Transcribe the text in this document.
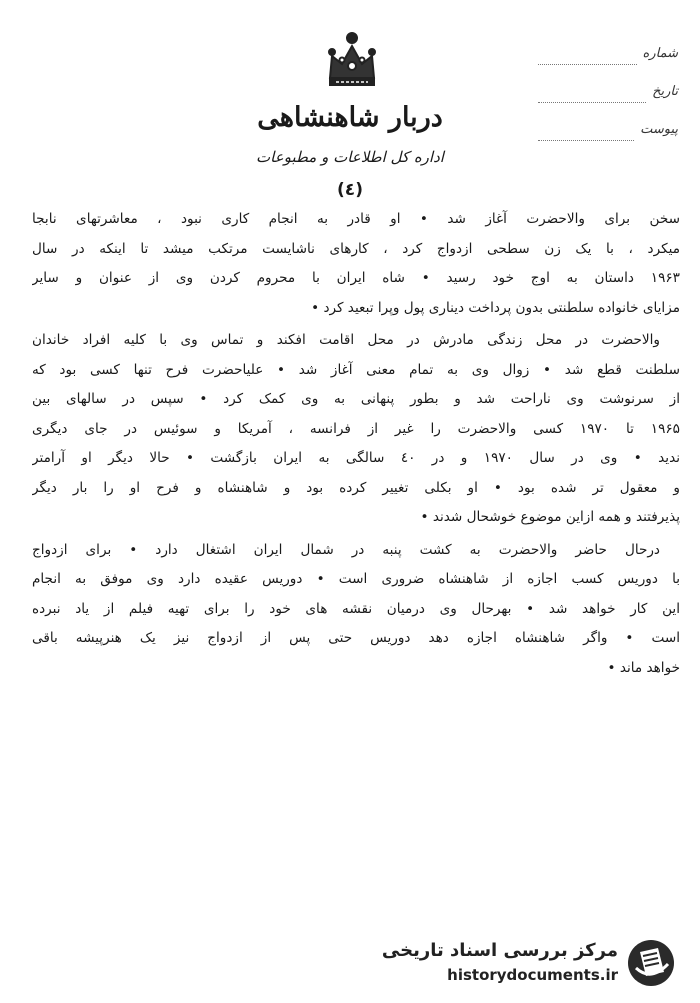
دربار شاهنشاهی
اداره کل اطلاعات و مطبوعات
شماره
تاریخ
پیوست
(٤)
سخن برای والاحضرت آغاز شد • او قادر به انجام کاری نبود ، معاشرتهای نابجا
میکرد ، با یک زن سطحی ازدواج کرد ، کارهای ناشایست مرتکب میشد تا اینکه در سال
۱۹۶۳ داستان به اوج خود رسید • شاه ایران با محروم کردن وی از عنوان و سایر
مزایای خانواده سلطنتی بدون پرداخت دیناری پول وپرا تبعید کرد •
والاحضرت در محل زندگی مادرش در محل اقامت افکند و تماس وی با کلیه افراد خاندان
سلطنت قطع شد • زوال وی به تمام معنی آغاز شد • علیاحضرت فرح تنها کسی بود که
از سرنوشت وی ناراحت شد و بطور پنهانی به وی کمک کرد • سپس در سالهای بین
۱۹۶۵ تا ۱۹۷۰ کسی والاحضرت را غیر از فرانسه ، آمریکا و سوئیس در جای دیگری
ندید • وی در سال ۱۹۷۰ و در ٤٠ سالگی به ایران بازگشت • حالا دیگر او آرامتر
و معقول تر شده بود • او بکلی تغییر کرده بود و شاهنشاه و فرح او را بار دیگر
پذیرفتند و همه ازاین موضوع خوشحال شدند •
درحال حاضر والاحضرت به کشت پنبه در شمال ایران اشتغال دارد • برای ازدواج
با دوریس کسب اجازه از شاهنشاه ضروری است • دوریس عقیده دارد وی موفق به انجام
این کار خواهد شد • بهرحال وی درمیان نقشه های خود را برای تهیه فیلم از یاد نبرده
است • واگر شاهنشاه اجازه دهد دوریس حتی پس از ازدواج نیز یک هنرپیشه باقی
خواهد ماند •
مرکز بررسی اسناد تاریخی
historydocuments.ir
